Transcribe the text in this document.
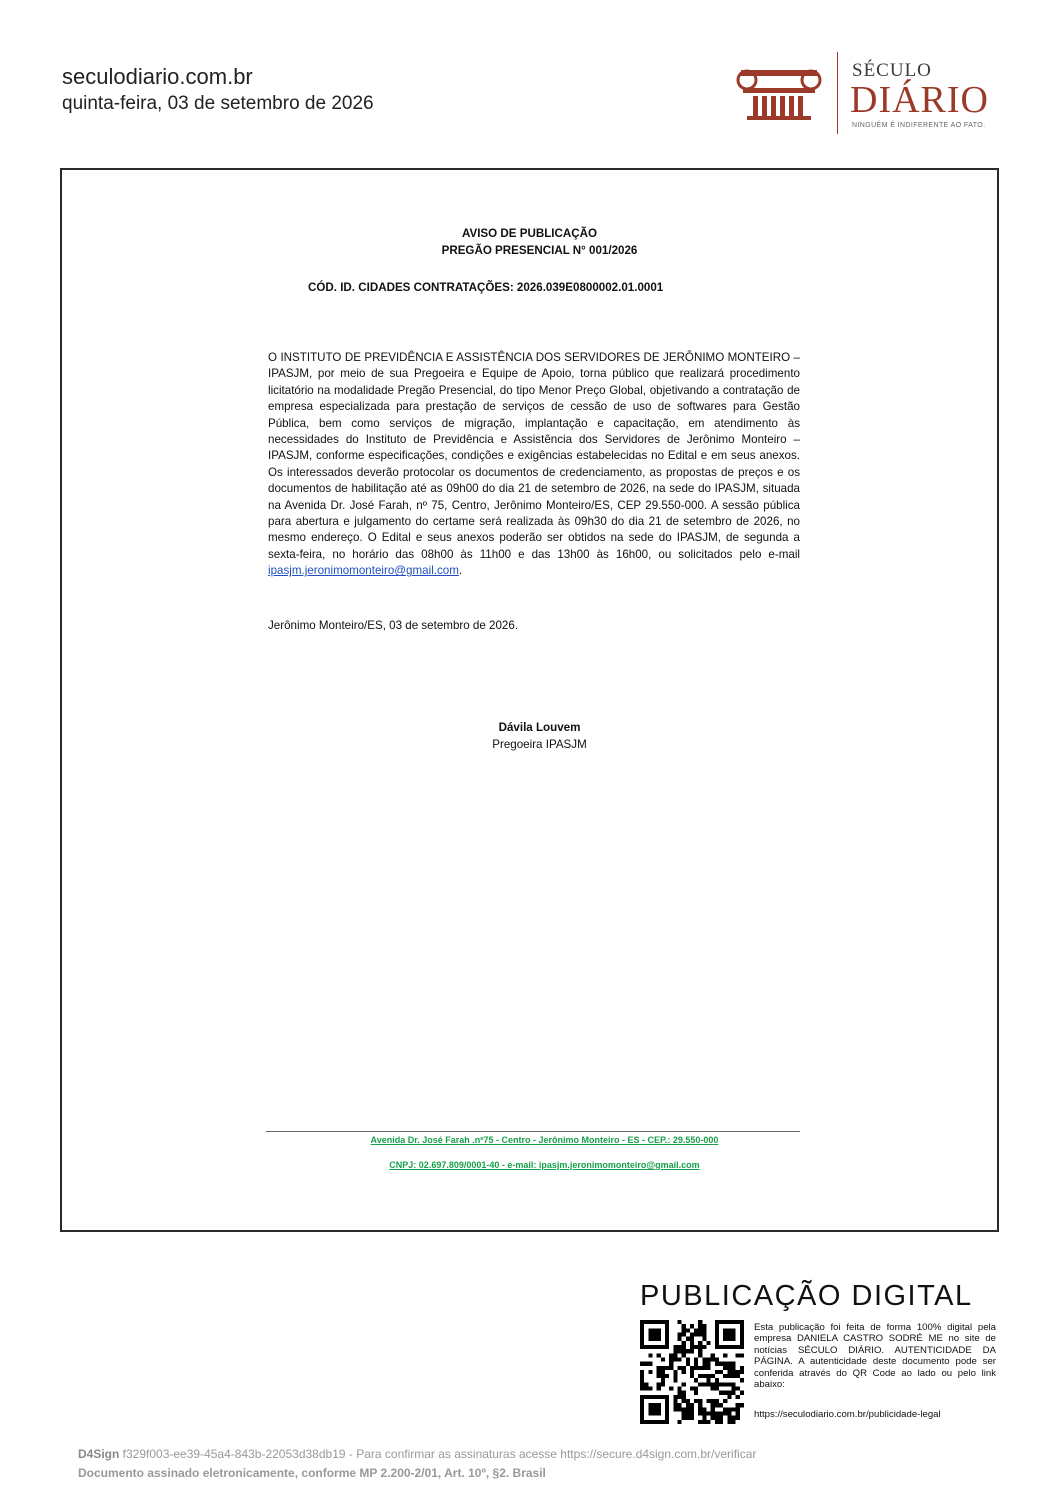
seculodiario.com.br
quinta-feira, 03 de setembro de 2026
SÉCULO
DIÁRIO
NINGUÉM É INDIFERENTE AO FATO.
AVISO DE PUBLICAÇÃO
PREGÃO PRESENCIAL N° 001/2026
CÓD. ID. CIDADES CONTRATAÇÕES: 2026.039E0800002.01.0001
O INSTITUTO DE PREVIDÊNCIA E ASSISTÊNCIA DOS SERVIDORES DE JERÔNIMO MONTEIRO – IPASJM, por meio de sua Pregoeira e Equipe de Apoio, torna público que realizará procedimento licitatório na modalidade Pregão Presencial, do tipo Menor Preço Global, objetivando a contratação de empresa especializada para prestação de serviços de cessão de uso de softwares para Gestão Pública, bem como serviços de migração, implantação e capacitação, em atendimento às necessidades do Instituto de Previdência e Assistência dos Servidores de Jerônimo Monteiro – IPASJM, conforme especificações, condições e exigências estabelecidas no Edital e em seus anexos. Os interessados deverão protocolar os documentos de credenciamento, as propostas de preços e os documentos de habilitação até as 09h00 do dia 21 de setembro de 2026, na sede do IPASJM, situada na Avenida Dr. José Farah, nº 75, Centro, Jerônimo Monteiro/ES, CEP 29.550-000. A sessão pública para abertura e julgamento do certame será realizada às 09h30 do dia 21 de setembro de 2026, no mesmo endereço. O Edital e seus anexos poderão ser obtidos na sede do IPASJM, de segunda a sexta-feira, no horário das 08h00 às 11h00 e das 13h00 às 16h00, ou solicitados pelo e-mail ipasjm.jeronimomonteiro@gmail.com.
Jerônimo Monteiro/ES, 03 de setembro de 2026.
Dávila Louvem
Pregoeira IPASJM
Avenida Dr. José Farah .nº75 - Centro - Jerônimo Monteiro - ES - CEP.: 29.550-000
CNPJ: 02.697.809/0001-40 - e-mail: ipasjm.jeronimomonteiro@gmail.com
PUBLICAÇÃO DIGITAL
Esta publicação foi feita de forma 100% digital pela empresa DANIELA CASTRO SODRÉ ME no site de notícias SÉCULO DIÁRIO. AUTENTICIDADE DA PÁGINA. A autenticidade deste documento pode ser conferida através do QR Code ao lado ou pelo link abaixo:
https://seculodiario.com.br/publicidade-legal
D4Sign f329f003-ee39-45a4-843b-22053d38db19 - Para confirmar as assinaturas acesse https://secure.d4sign.com.br/verificar
Documento assinado eletronicamente, conforme MP 2.200-2/01, Art. 10º, §2. Brasil
